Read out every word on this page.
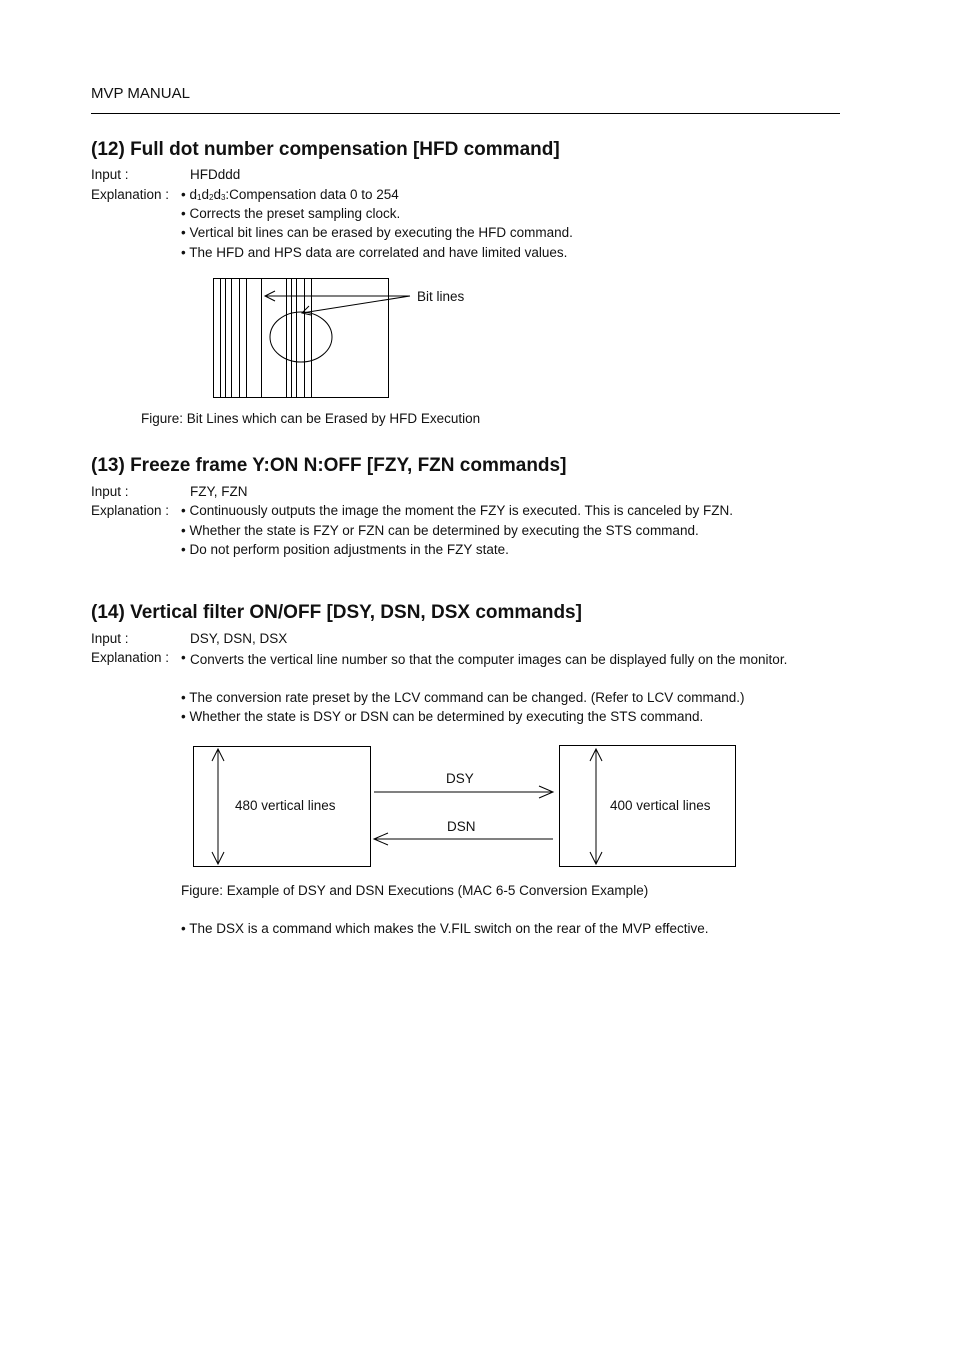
MVP MANUAL
(12) Full dot number compensation [HFD command]
Input :	HFDddd
Explanation : • $d_1d_2d_3:Compensation$ data 0 to 254
• Corrects the preset sampling clock.
• Vertical bit lines can be erased by executing the HFD command.
• The HFD and HPS data are correlated and have limited values.
Bit lines
Figure: Bit Lines which can be Erased by HFD Execution
(13) Freeze frame Y:ON N:OFF [FZY, FZN commands]
Input :	FZY, FZN
Explanation : • Continuously outputs the image the moment the FZY is executed. This is canceled by FZN.
• Whether the state is FZY or FZN can be determined by executing the STS command.
• Do not perform position adjustments in the FZY state.
(14) Vertical filter ON/OFF [DSY, DSN, DSX commands]
Input :	DSY, DSN, DSX
Explanation : • Converts the vertical line number so that the computer images can be displayed fully on the monitor.
• The conversion rate preset by the LCV command can be changed. (Refer to LCV command.)
• Whether the state is DSY or DSN can be determined by executing the STS command.
480 vertical lines	400 vertical lines
DSY
DSN
Figure: Example of DSY and DSN Executions (MAC 6-5 Conversion Example)
• The DSX is a command which makes the V.FIL switch on the rear of the MVP effective.
